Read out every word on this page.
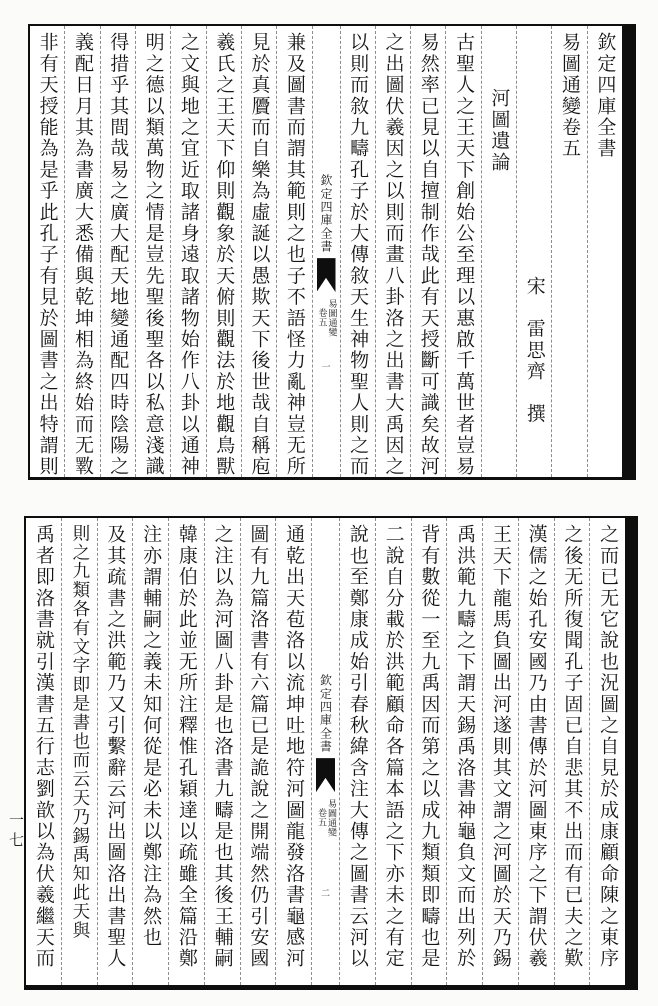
欽定四庫全書
易圖通變卷五
宋　雷思齊　撰
河圖遺論
古聖人之王天下創始公至理以惠啟千萬世者豈易
易然率已見以自擅制作哉此有天授斷可識矣故河
之出圖伏羲因之以則而畫八卦洛之出書大禹因之
以則而敘九疇孔子於大傳敘天生神物聖人則之而
欽定四庫全書
易圖通變
卷五
一
兼及圖書而謂其範則之也子不語怪力亂神豈无所
見於真贗而自樂為虛誕以愚欺天下後世哉自稱庖
羲氏之王天下仰則觀象於天俯則觀法於地觀鳥獸
之文與地之宜近取諸身遠取諸物始作八卦以通神
明之德以類萬物之情是豈先聖後聖各以私意淺識
得措乎其間哉易之廣大配天地變通配四時陰陽之
義配日月其為書廣大悉備與乾坤相為終始而无斁
非有天授能為是乎此孔子有見於圖書之出特謂則
之而已无它說也況圖之自見於成康顧命陳之東序
之後无所復聞孔子固已自悲其不出而有已夫之歎
漢儒之始孔安國乃由書傳於河圖東序之下謂伏羲
王天下龍馬負圖出河遂則其文謂之河圖於天乃錫
禹洪範九疇之下謂天錫禹洛書神龜負文而出列於
背有數從一至九禹因而第之以成九類類即疇也是
二說自分載於洪範顧命各篇本語之下亦未之有定
說也至鄭康成始引春秋緯含注大傳之圖書云河以
欽定四庫全書
易圖通變
卷五
二
通乾出天苞洛以流坤吐地符河圖龍發洛書龜感河
圖有九篇洛書有六篇已是詭說之開端然仍引安國
之注以為河圖八卦是也洛書九疇是也其後王輔嗣
韓康伯於此並无所注釋惟孔穎達以疏雖全篇沿鄭
注亦謂輔嗣之義未知何從是必未以鄭注為然也
及其疏書之洪範乃又引繫辭云河出圖洛出書聖人
則之九類各有文字即是書也而云天乃錫禹知此天與
禹者即洛書就引漢書五行志劉歆以為伏羲繼天而
一七
